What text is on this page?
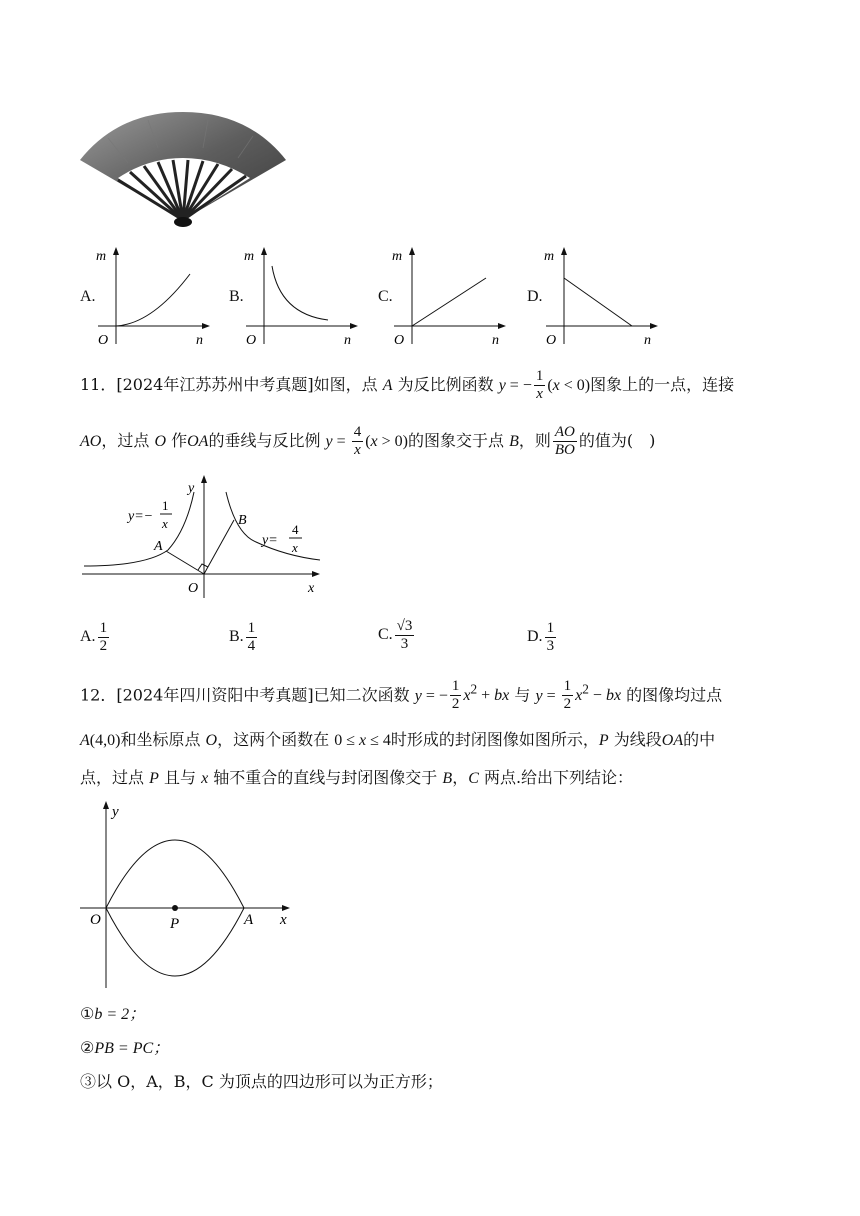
A.
m
n
O
B.
m
n
O
C.
m
n
O
D.
m
n
O
11．[2024年江苏苏州中考真题]如图，点 A 为反比例函数 y = − $\frac{1}{x} (x < 0)$图象上的一点，连接
AO，过点 O 作OA的垂线与反比例 $y = \frac{4}{x} (x > 0)$的图象交于点 B，则 $\frac{AO}{BO}$ 的值为(　)
y
x
O
A
B
y=−
1
x
y=
4
x
A. $\frac{1}{2}$	B. $\frac{1}{4}$	C. $\frac{√3}{3}$	D. $\frac{1}{3}$
12．[2024年四川资阳中考真题]已知二次函数 y = − $\frac{1}{2} x^2$ + bx 与 $y = \frac{1}{2} x^2$ − bx 的图像均过点
A(4,0)和坐标原点 O，这两个函数在 0 ≤ x ≤ 4时形成的封闭图像如图所示，P 为线段OA的中
点，过点 P 且与 x 轴不重合的直线与封闭图像交于 B，C 两点.给出下列结论：
y
x
O	P	A
①b = 2；
②PB = PC；
③以 O，A，B，C 为顶点的四边形可以为正方形；
